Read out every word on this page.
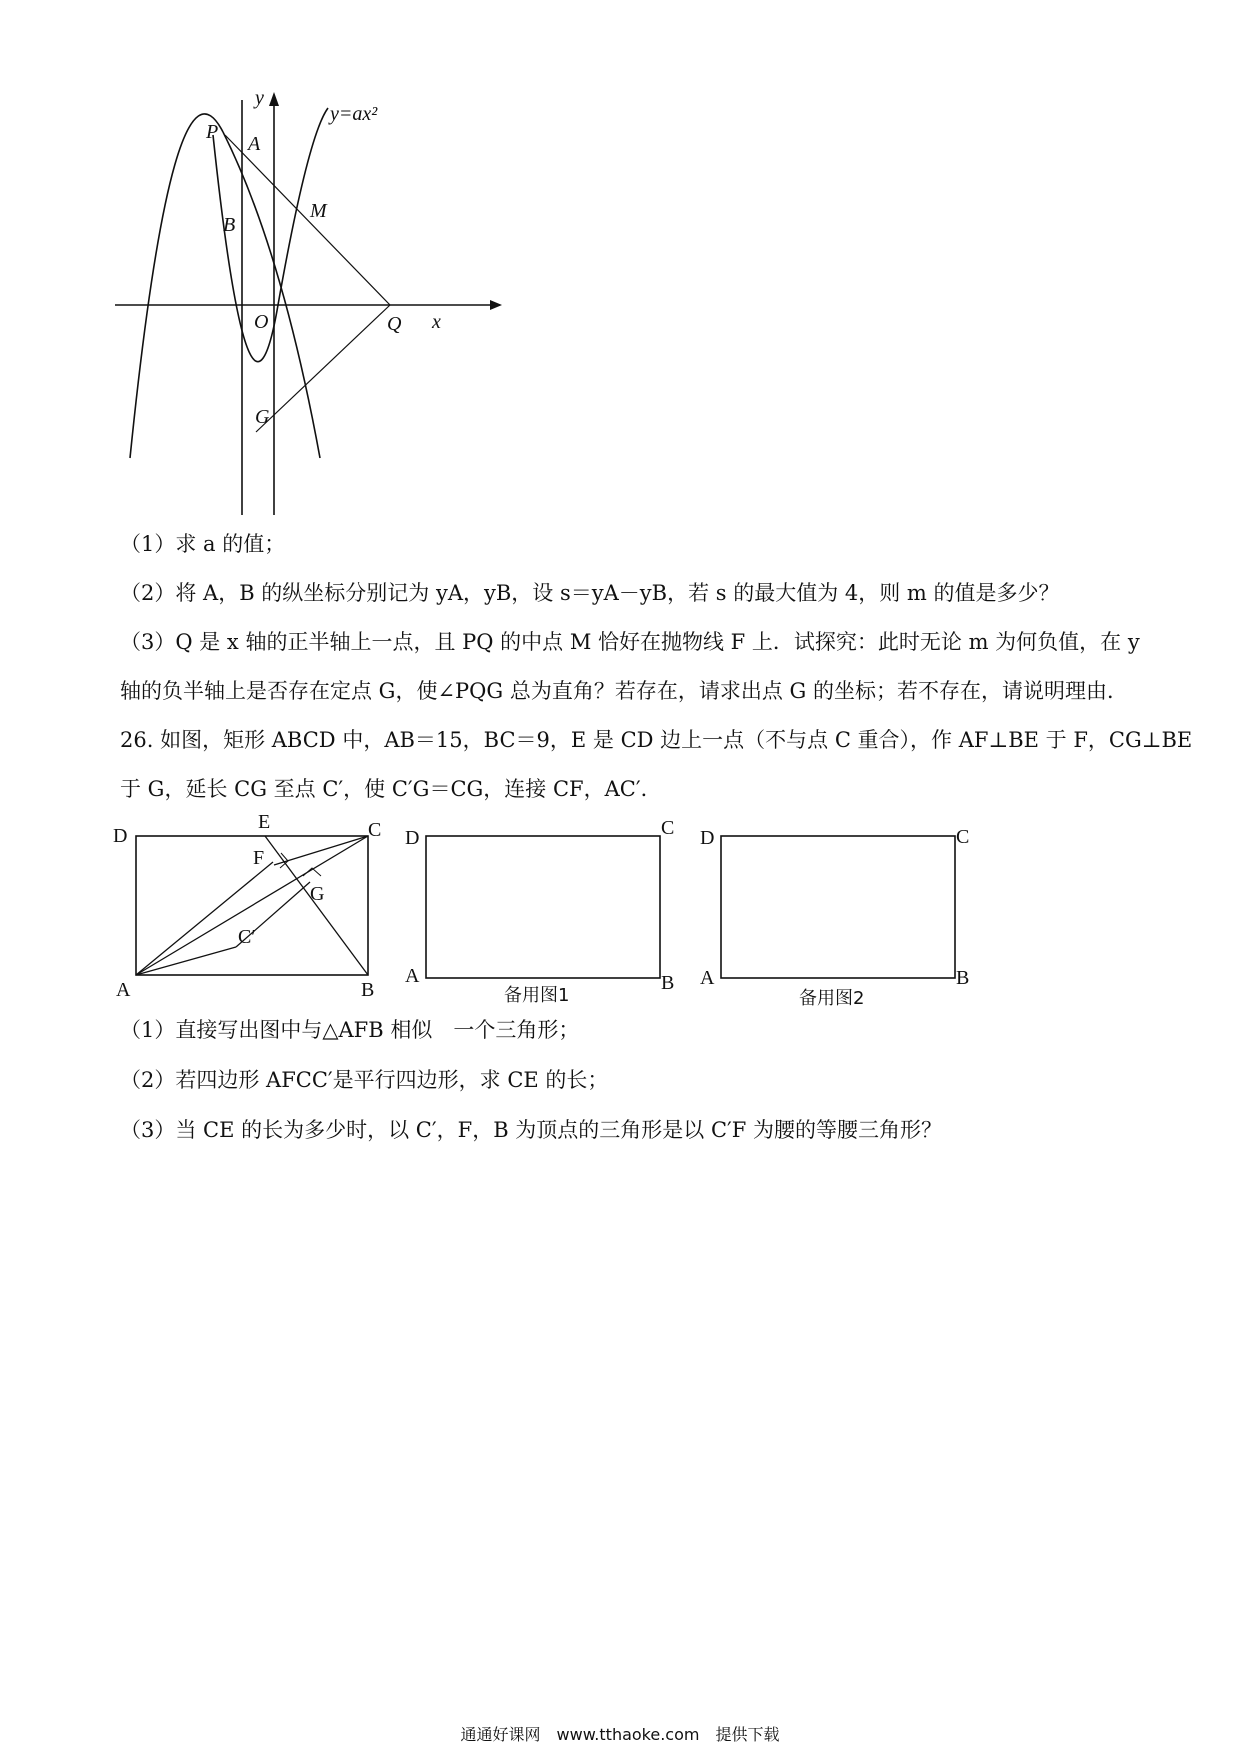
y
y=ax²
P
A
B
M
O	Q x
G
（1）求 a 的值；
（2）将 A，B 的纵坐标分别记为 yA，yB，设 s＝yA－yB，若 s 的最大值为 4，则 m 的值是多少？
（3）Q 是 x 轴的正半轴上一点，且 PQ 的中点 M 恰好在抛物线 F 上．试探究：此时无论 m 为何负值，在 y
轴的负半轴上是否存在定点 G，使∠PQG 总为直角？若存在，请求出点 G 的坐标；若不存在，请说明理由．
26. 如图，矩形 ABCD 中，AB＝15，BC＝9，E 是 CD 边上一点（不与点 C 重合），作 AF⊥BE 于 F，CG⊥BE
于 G，延长 CG 至点 C′，使 C′G＝CG，连接 CF，AC′．
D
E	C
F
G
C′
A	B
D	C
A	B
备用图1
D	C
A	B
备用图2
（1）直接写出图中与△AFB 相似　一个三角形；
（2）若四边形 AFCC′是平行四边形，求 CE 的长；
（3）当 CE 的长为多少时，以 C′，F，B 为顶点的三角形是以 C′F 为腰的等腰三角形？
通通好课网　www.tthaoke.com　提供下载
